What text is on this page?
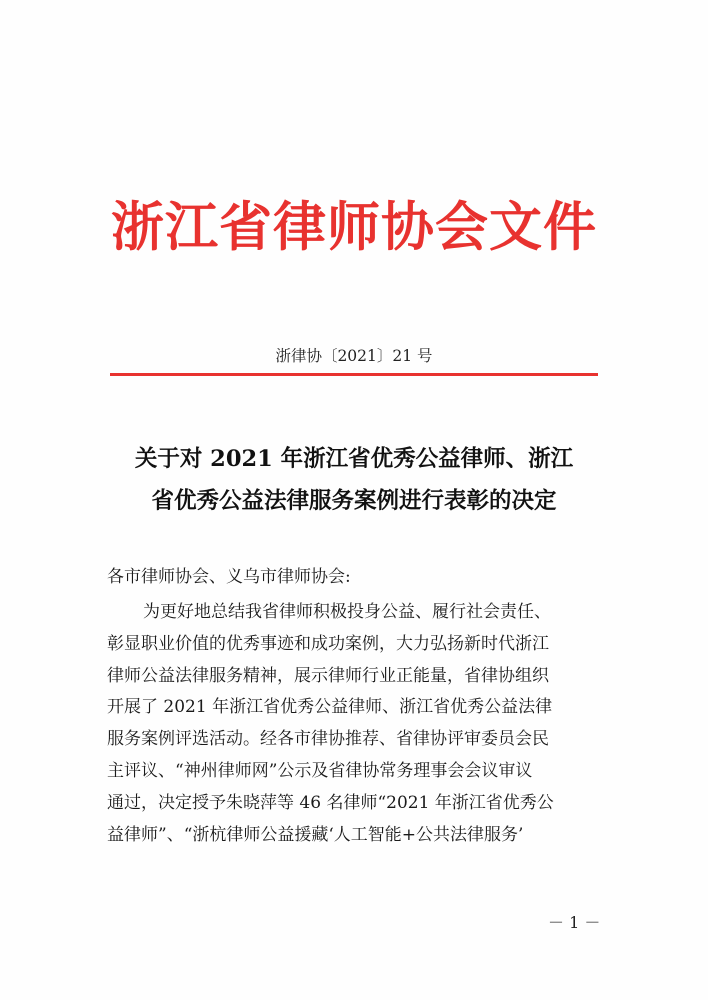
浙江省律师协会文件
浙律协〔2021〕21 号
关于对 2021 年浙江省优秀公益律师、浙江
省优秀公益法律服务案例进行表彰的决定
各市律师协会、义乌市律师协会:
为更好地总结我省律师积极投身公益、履行社会责任、
彰显职业价值的优秀事迹和成功案例，大力弘扬新时代浙江
律师公益法律服务精神，展示律师行业正能量，省律协组织
开展了 2021 年浙江省优秀公益律师、浙江省优秀公益法律
服务案例评选活动。经各市律协推荐、省律协评审委员会民
主评议、“神州律师网”公示及省律协常务理事会会议审议
通过，决定授予朱晓萍等 46 名律师“2021 年浙江省优秀公
益律师”、“浙杭律师公益援藏‘人工智能+公共法律服务’
－ 1 －
